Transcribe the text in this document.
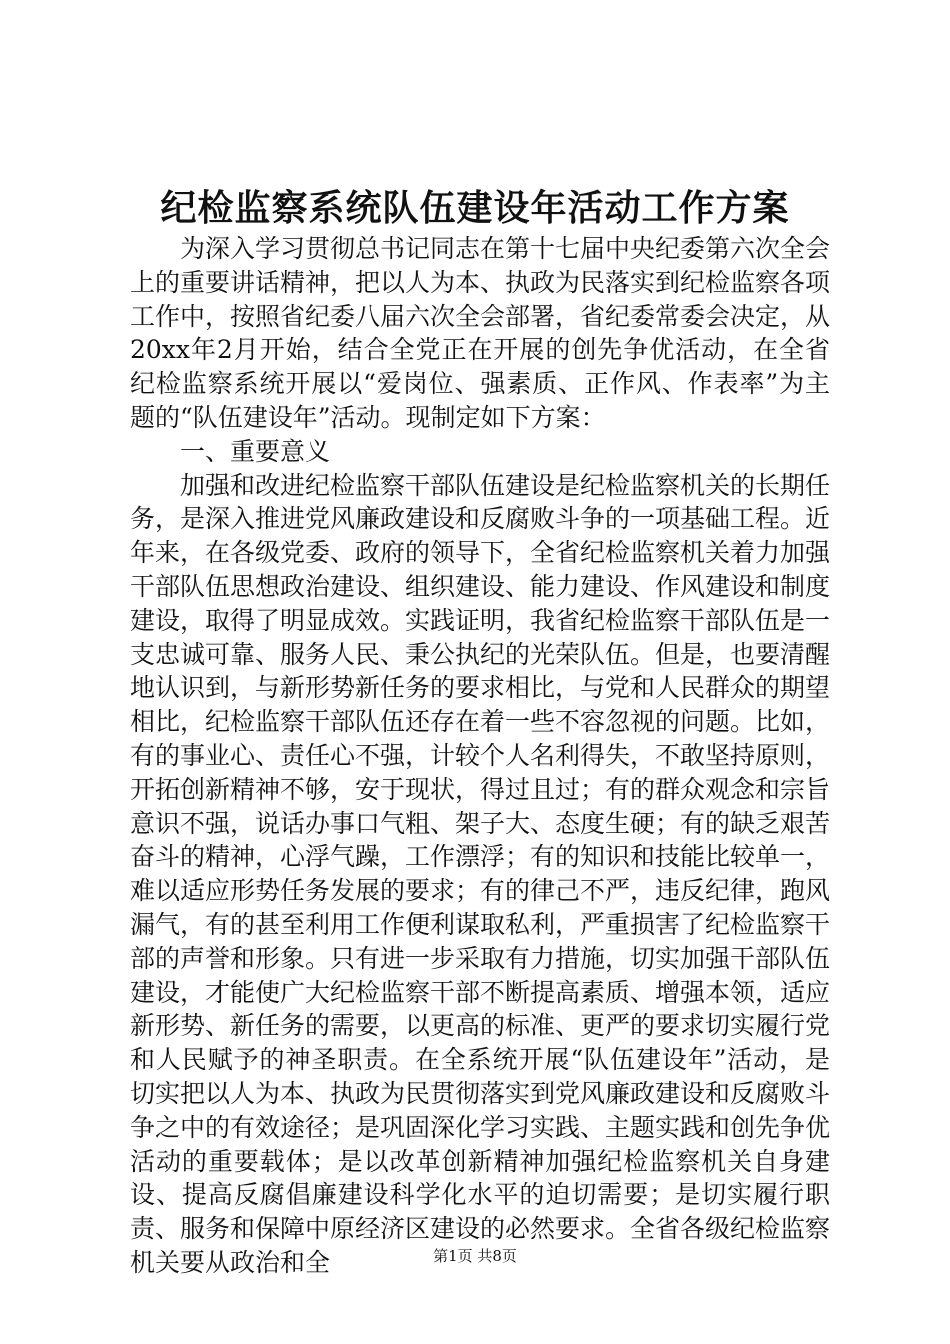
纪检监察系统队伍建设年活动工作方案

为深入学习贯彻总书记同志在第十七届中央纪委第六次全会上的重要讲话精神，把以人为本、执政为民落实到纪检监察各项工作中，按照省纪委八届六次全会部署，省纪委常委会决定，从20xx年2月开始，结合全党正在开展的创先争优活动，在全省纪检监察系统开展以“爱岗位、强素质、正作风、作表率”为主题的“队伍建设年”活动。现制定如下方案：

一、重要意义

加强和改进纪检监察干部队伍建设是纪检监察机关的长期任务，是深入推进党风廉政建设和反腐败斗争的一项基础工程。近年来，在各级党委、政府的领导下，全省纪检监察机关着力加强干部队伍思想政治建设、组织建设、能力建设、作风建设和制度建设，取得了明显成效。实践证明，我省纪检监察干部队伍是一支忠诚可靠、服务人民、秉公执纪的光荣队伍。但是，也要清醒地认识到，与新形势新任务的要求相比，与党和人民群众的期望相比，纪检监察干部队伍还存在着一些不容忽视的问题。比如，有的事业心、责任心不强，计较个人名利得失，不敢坚持原则，开拓创新精神不够，安于现状，得过且过；有的群众观念和宗旨意识不强，说话办事口气粗、架子大、态度生硬；有的缺乏艰苦奋斗的精神，心浮气躁，工作漂浮；有的知识和技能比较单一，难以适应形势任务发展的要求；有的律己不严，违反纪律，跑风漏气，有的甚至利用工作便利谋取私利，严重损害了纪检监察干部的声誉和形象。只有进一步采取有力措施，切实加强干部队伍建设，才能使广大纪检监察干部不断提高素质、增强本领，适应新形势、新任务的需要，以更高的标准、更严的要求切实履行党和人民赋予的神圣职责。在全系统开展“队伍建设年”活动，是切实把以人为本、执政为民贯彻落实到党风廉政建设和反腐败斗争之中的有效途径；是巩固深化学习实践、主题实践和创先争优活动的重要载体；是以改革创新精神加强纪检监察机关自身建设、提高反腐倡廉建设科学化水平的迫切需要；是切实履行职责、服务和保障中原经济区建设的必然要求。全省各级纪检监察机关要从政治和全	第1页 共8页
